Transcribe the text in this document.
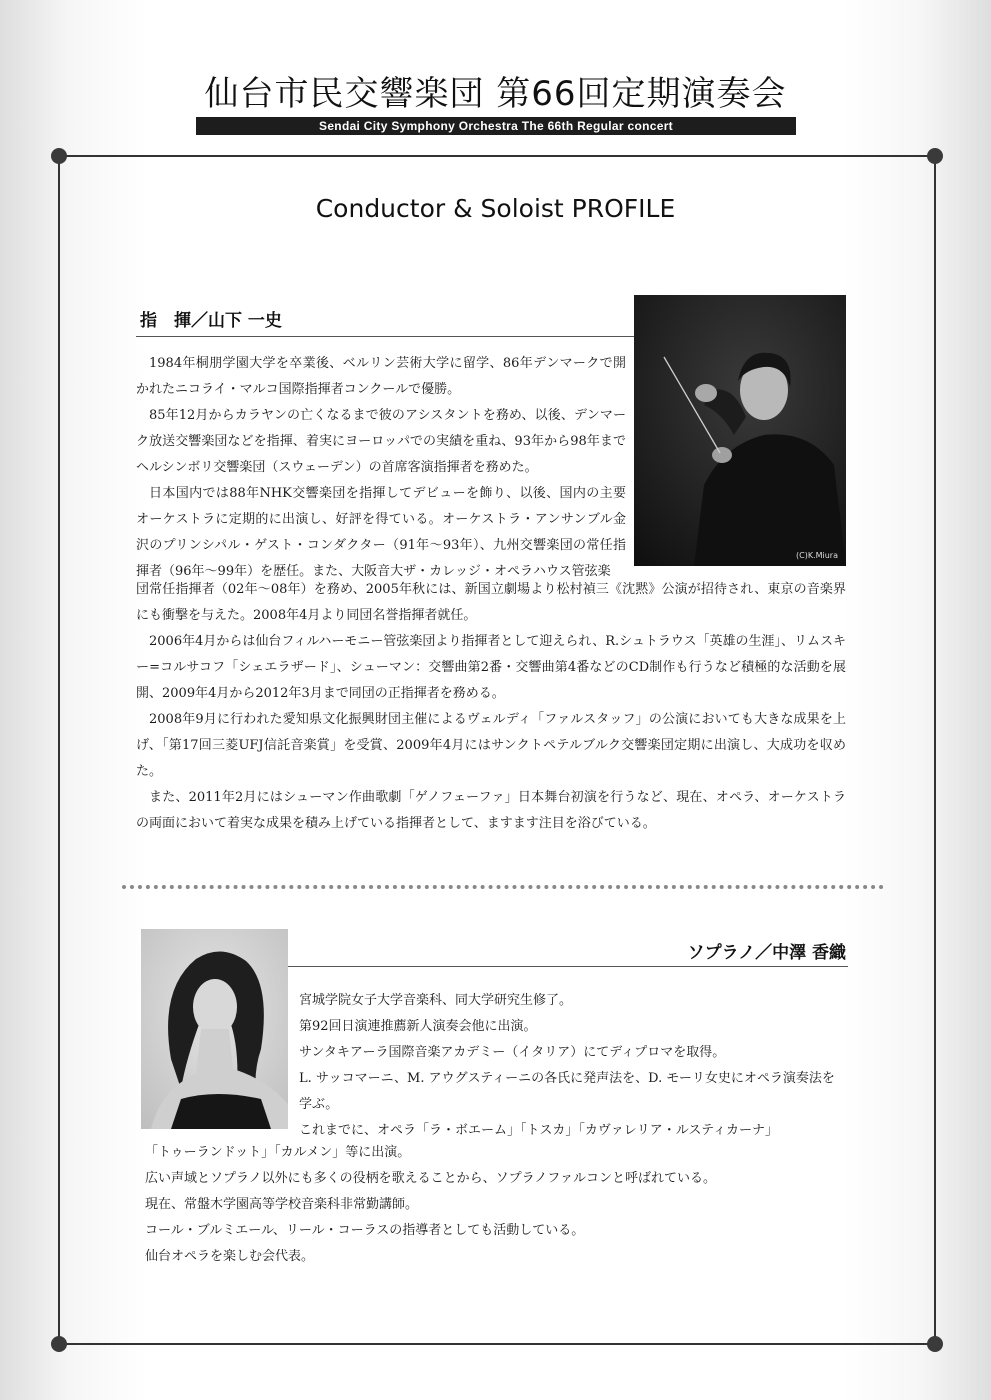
仙台市民交響楽団 第66回定期演奏会
Sendai City Symphony Orchestra The 66th Regular concert
Conductor & Soloist PROFILE
指　揮／山下 一史
(C)K.Miura

1984年桐朋学園大学を卒業後、ベルリン芸術大学に留学、86年デンマークで開かれたニコライ・マルコ国際指揮者コンクールで優勝。

85年12月からカラヤンの亡くなるまで彼のアシスタントを務め、以後、デンマーク放送交響楽団などを指揮、着実にヨーロッパでの実績を重ね、93年から98年までヘルシンボリ交響楽団（スウェーデン）の首席客演指揮者を務めた。

日本国内では88年NHK交響楽団を指揮してデビューを飾り、以後、国内の主要オーケストラに定期的に出演し、好評を得ている。オーケストラ・アンサンブル金沢のプリンシパル・ゲスト・コンダクター（91年〜93年）、九州交響楽団の常任指揮者（96年〜99年）を歴任。また、大阪音大ザ・カレッジ・オペラハウス管弦楽

団常任指揮者（02年〜08年）を務め、2005年秋には、新国立劇場より松村禎三《沈黙》公演が招待され、東京の音楽界にも衝撃を与えた。2008年4月より同団名誉指揮者就任。

2006年4月からは仙台フィルハーモニー管弦楽団より指揮者として迎えられ、R.シュトラウス「英雄の生涯」、リムスキー=コルサコフ「シェエラザード」、シューマン：交響曲第2番・交響曲第4番などのCD制作も行うなど積極的な活動を展開、2009年4月から2012年3月まで同団の正指揮者を務める。

2008年9月に行われた愛知県文化振興財団主催によるヴェルディ「ファルスタッフ」の公演においても大きな成果を上げ、「第17回三菱UFJ信託音楽賞」を受賞、2009年4月にはサンクトペテルブルク交響楽団定期に出演し、大成功を収めた。

また、2011年2月にはシューマン作曲歌劇「ゲノフェーファ」日本舞台初演を行うなど、現在、オペラ、オーケストラの両面において着実な成果を積み上げている指揮者として、ますます注目を浴びている。

ソプラノ／中澤 香織

宮城学院女子大学音楽科、同大学研究生修了。

第92回日演連推薦新人演奏会他に出演。

サンタキアーラ国際音楽アカデミー（イタリア）にてディプロマを取得。

L. サッコマーニ、M. アウグスティーニの各氏に発声法を、D. モーリ女史にオペラ演奏法を

学ぶ。

これまでに、オペラ「ラ・ボエーム」「トスカ」「カヴァレリア・ルスティカーナ」

「トゥーランドット」「カルメン」等に出演。

広い声域とソプラノ以外にも多くの役柄を歌えることから、ソプラノファルコンと呼ばれている。

現在、常盤木学園高等学校音楽科非常勤講師。

コール・ブルミエール、リール・コーラスの指導者としても活動している。

仙台オペラを楽しむ会代表。
